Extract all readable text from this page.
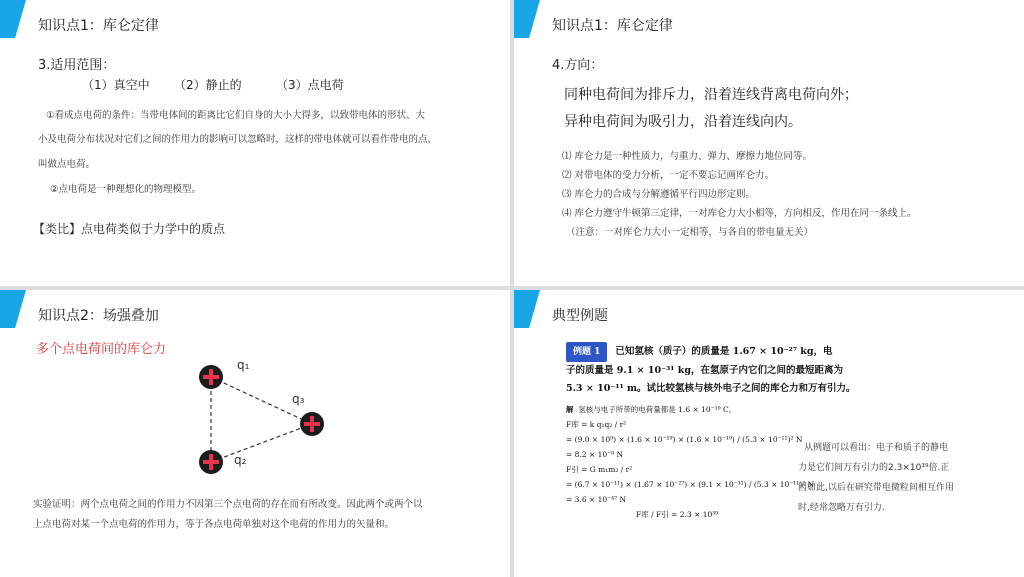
知识点1：库仑定律
3.适用范围：
（1）真空中 （2）静止的	（3）点电荷
①看成点电荷的条件：当带电体间的距离比它们自身的大小大得多，以致带电体的形状、大
小及电荷分布状况对它们之间的作用力的影响可以忽略时，这样的带电体就可以看作带电的点，
叫做点电荷。
②点电荷是一种理想化的物理模型。
【类比】点电荷类似于力学中的质点
知识点1：库仑定律
4.方向：
同种电荷间为排斥力，沿着连线背离电荷向外；
异种电荷间为吸引力，沿着连线向内。
⑴ 库仑力是一种性质力，与重力、弹力、摩擦力地位同等。
⑵ 对带电体的受力分析，一定不要忘记画库仑力。
⑶ 库仑力的合成与分解遵循平行四边形定则。
⑷ 库仑力遵守牛顿第三定律，一对库仑力大小相等，方向相反，作用在同一条线上。
（注意：一对库仑力大小一定相等，与各自的带电量无关）
知识点2：场强叠加
多个点电荷间的库仑力
q₁
q₂
q₃
实验证明：两个点电荷之间的作用力不因第三个点电荷的存在而有所改变。因此两个或两个以
上点电荷对某一个点电荷的作用力，等于各点电荷单独对这个电荷的作用力的矢量和。
典型例题
例题 1 已知氢核（质子）的质量是 1.67 × 10⁻²⁷ kg，电
子的质量是 9.1 × 10⁻³¹ kg，在氢原子内它们之间的最短距离为
5.3 × 10⁻¹¹ m。试比较氢核与核外电子之间的库仑力和万有引力。
解 氢核与电子所带的电荷量都是 1.6 × 10⁻¹⁹ C。
F库 = k q₁q₂ / r²
= (9.0 × 10⁹) × (1.6 × 10⁻¹⁹) × (1.6 × 10⁻¹⁹) / (5.3 × 10⁻¹¹)² N
= 8.2 × 10⁻⁸ N
F引 = G m₁m₂ / r²
= (6.7 × 10⁻¹¹) × (1.67 × 10⁻²⁷) × (9.1 × 10⁻³¹) / (5.3 × 10⁻¹¹)² N
= 3.6 × 10⁻⁴⁷ N
F库 / F引 = 2.3 × 10³⁹
从例题可以看出：电子和质子的静电
力是它们间万有引力的2.3×10³⁹倍.正
因如此,以后在研究带电微粒间相互作用
时,经常忽略万有引力.
